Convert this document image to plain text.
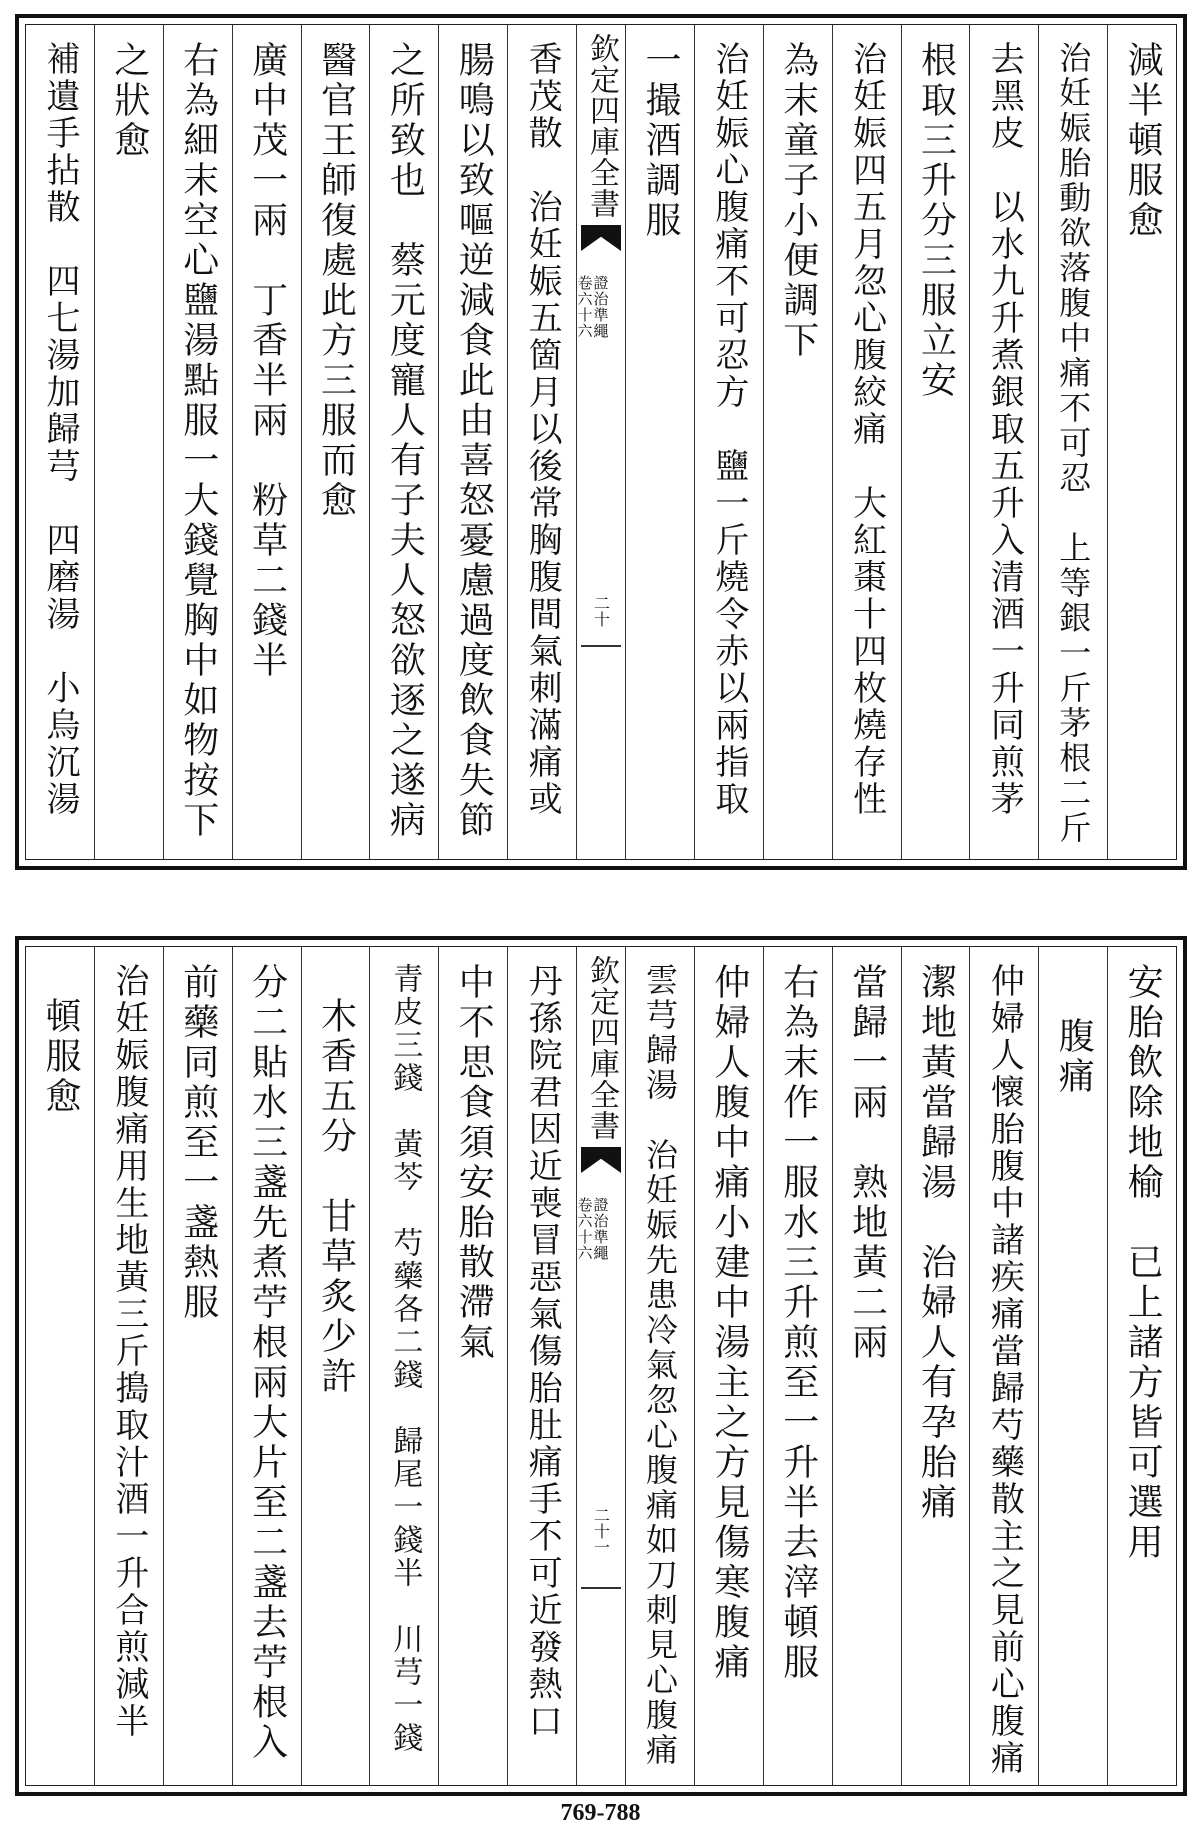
減半頓服愈
治妊娠胎動欲落腹中痛不可忍　上等銀一斤茅根二斤
去黑皮　以水九升煮銀取五升入清酒一升同煎茅
根取三升分三服立安
治妊娠四五月忽心腹絞痛　大紅棗十四枚燒存性
為末童子小便調下
治妊娠心腹痛不可忍方　鹽一斤燒令赤以兩指取
一撮酒調服
欽定四庫全書
證治準繩
卷六十六
二十
香茂散　治妊娠五箇月以後常胸腹間氣刺滿痛或
腸鳴以致嘔逆減食此由喜怒憂慮過度飲食失節
之所致也　蔡元度寵人有子夫人怒欲逐之遂病
醫官王師復處此方三服而愈
廣中茂一兩　丁香半兩　粉草二錢半
右為細末空心鹽湯點服一大錢覺胸中如物按下
之狀愈
補遺手拈散　四七湯加歸芎　四磨湯　小烏沉湯
安胎飲除地榆　已上諸方皆可選用
腹痛
仲婦人懷胎腹中諸疾痛當歸芍藥散主之見前心腹痛
潔地黃當歸湯　治婦人有孕胎痛
當歸一兩　熟地黃二兩
右為末作一服水三升煎至一升半去滓頓服
仲婦人腹中痛小建中湯主之方見傷寒腹痛
雲芎歸湯　治妊娠先患冷氣忽心腹痛如刀刺見心腹痛
欽定四庫全書
證治準繩
卷六十六
二十一
丹孫院君因近喪冒惡氣傷胎肚痛手不可近發熱口
中不思食須安胎散滯氣
青皮三錢　黃芩　芍藥各二錢　歸尾一錢半　川芎一錢
木香五分　甘草炙少許
分二貼水三盞先煮苧根兩大片至二盞去苧根入
前藥同煎至一盞熱服
治妊娠腹痛用生地黃三斤搗取汁酒一升合煎減半
頓服愈
769-788
